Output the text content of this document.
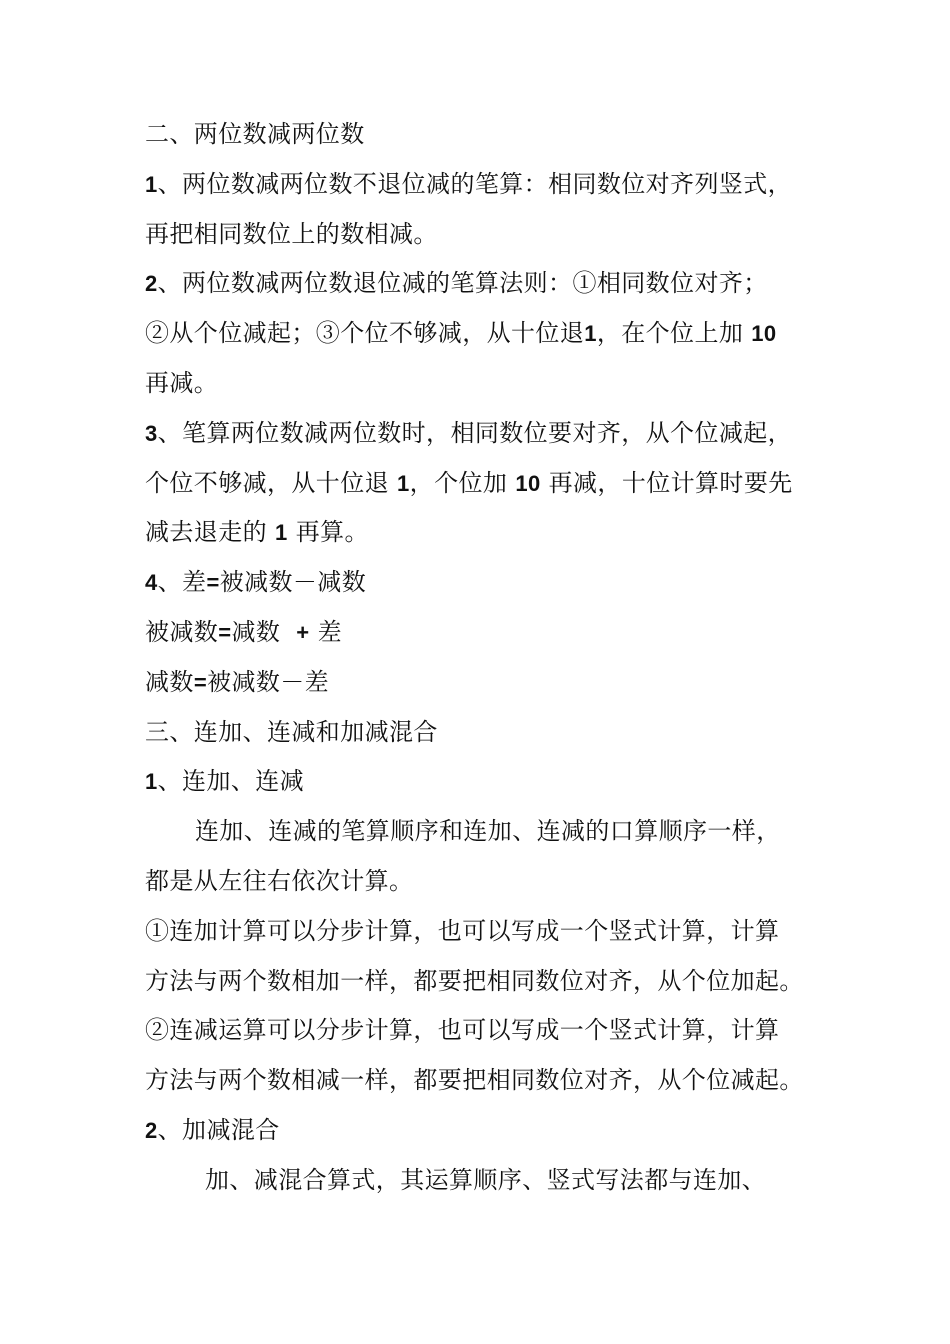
二、两位数减两位数
1、两位数减两位数不退位减的笔算：相同数位对齐列竖式，
再把相同数位上的数相减。
2、两位数减两位数退位减的笔算法则：①相同数位对齐；
②从个位减起；③个位不够减，从十位退1，在个位上加 10
再减。
3、笔算两位数减两位数时，相同数位要对齐，从个位减起，
个位不够减，从十位退 1，个位加 10 再减，十位计算时要先
减去退走的 1 再算。
4、差=被减数－减数
被减数=减数 + 差
减数=被减数－差
三、连加、连减和加减混合
1、连加、连减
连加、连减的笔算顺序和连加、连减的口算顺序一样，
都是从左往右依次计算。
①连加计算可以分步计算，也可以写成一个竖式计算，计算
方法与两个数相加一样，都要把相同数位对齐，从个位加起。
②连减运算可以分步计算，也可以写成一个竖式计算，计算
方法与两个数相减一样，都要把相同数位对齐，从个位减起。
2、加减混合
加、减混合算式，其运算顺序、竖式写法都与连加、
